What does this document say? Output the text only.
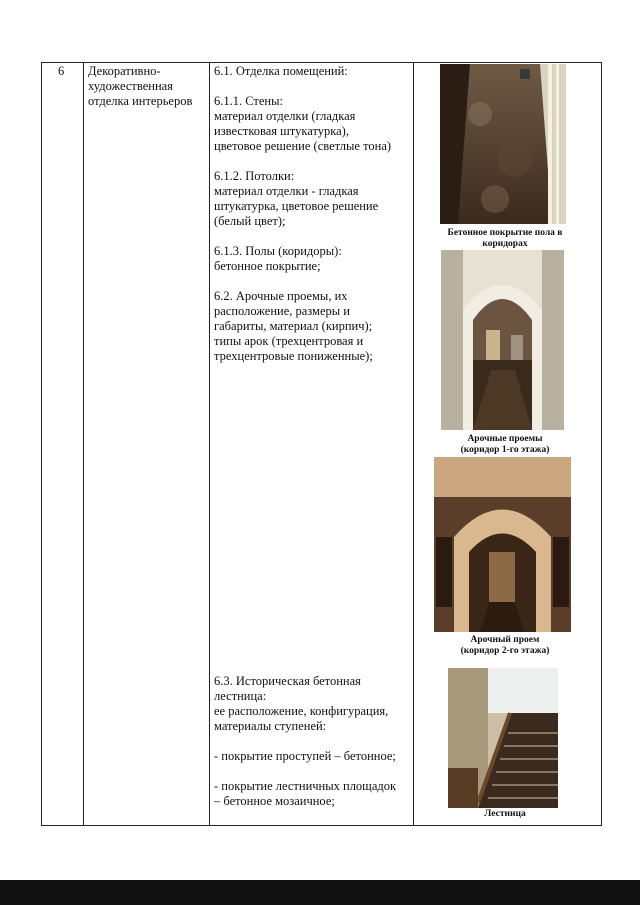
6 Декоративно-
художественная
отделка интерьеров
6.1. Отделка помещений:

6.1.1. Стены:
материал отделки (гладкая
известковая штукатурка),
цветовое решение (светлые тона)

6.1.2. Потолки:
материал отделки - гладкая
штукатурка, цветовое решение
(белый цвет);

6.1.3. Полы (коридоры):
бетонное покрытие;

6.2. Арочные проемы, их
расположение, размеры и
габариты, материал (кирпич);
типы арок (трехцентровая и
трехцентровые пониженные);
6.3. Историческая бетонная
лестница:
ее расположение, конфигурация,
материалы ступеней:

- покрытие проступей – бетонное;

- покрытие лестничных площадок
– бетонное мозаичное;
Бетонное покрытие пола в
коридорах
Арочные проемы
(коридор 1-го этажа)
Арочный проем
(коридор 2-го этажа)
Лестница
